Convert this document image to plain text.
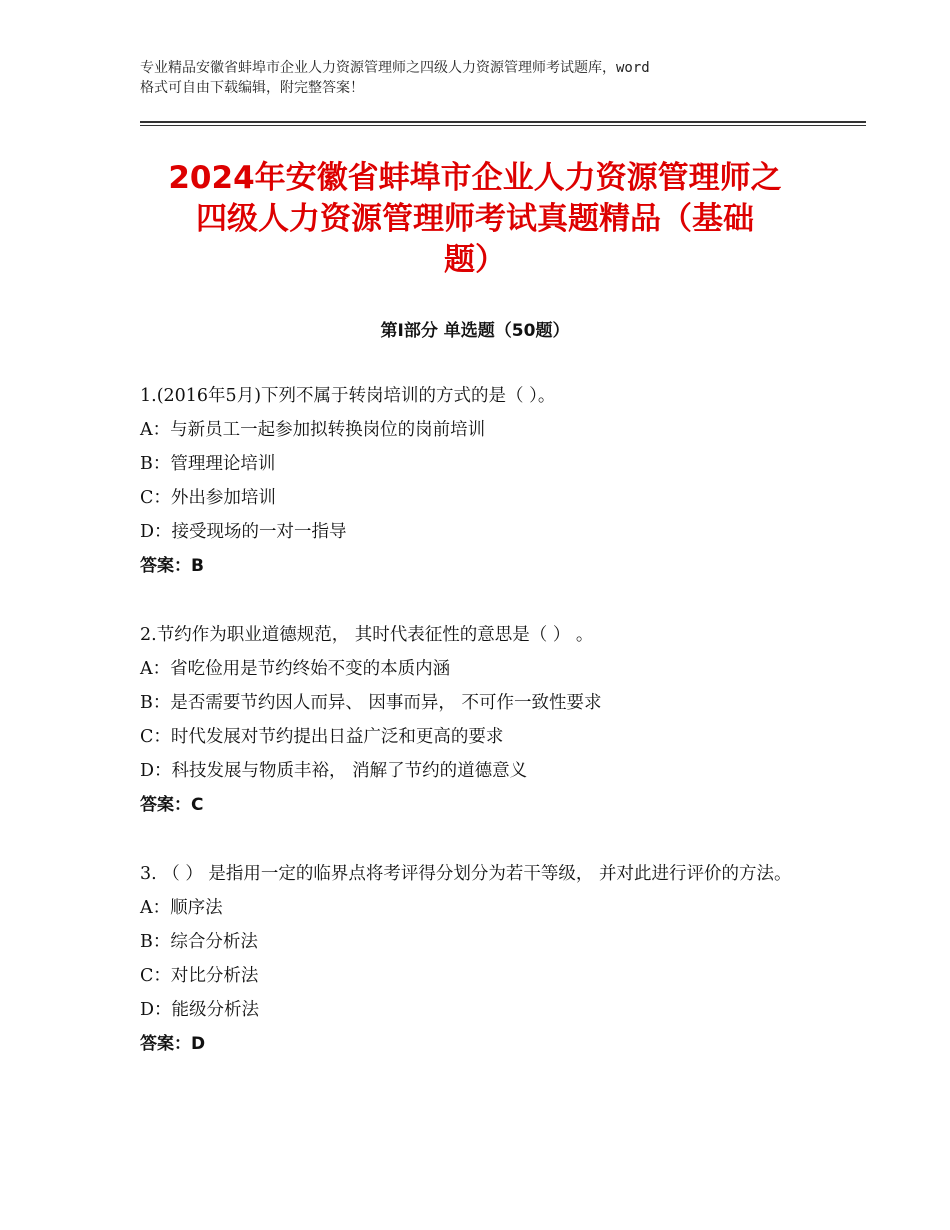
专业精品安徽省蚌埠市企业人力资源管理师之四级人力资源管理师考试题库，word
格式可自由下载编辑，附完整答案！
2024年安徽省蚌埠市企业人力资源管理师之
四级人力资源管理师考试真题精品（基础
题）
第Ⅰ部分 单选题（50题）
1.(2016年5月)下列不属于转岗培训的方式的是（ ）。
A：与新员工一起参加拟转换岗位的岗前培训
B：管理理论培训
C：外出参加培训
D：接受现场的一对一指导
答案：B
2.节约作为职业道德规范， 其时代表征性的意思是（ ） 。
A：省吃俭用是节约终始不变的本质内涵
B：是否需要节约因人而异、 因事而异， 不可作一致性要求
C：时代发展对节约提出日益广泛和更高的要求
D：科技发展与物质丰裕， 消解了节约的道德意义
答案：C
3. （ ） 是指用一定的临界点将考评得分划分为若干等级， 并对此进行评价的方法。
A：顺序法
B：综合分析法
C：对比分析法
D：能级分析法
答案：D
